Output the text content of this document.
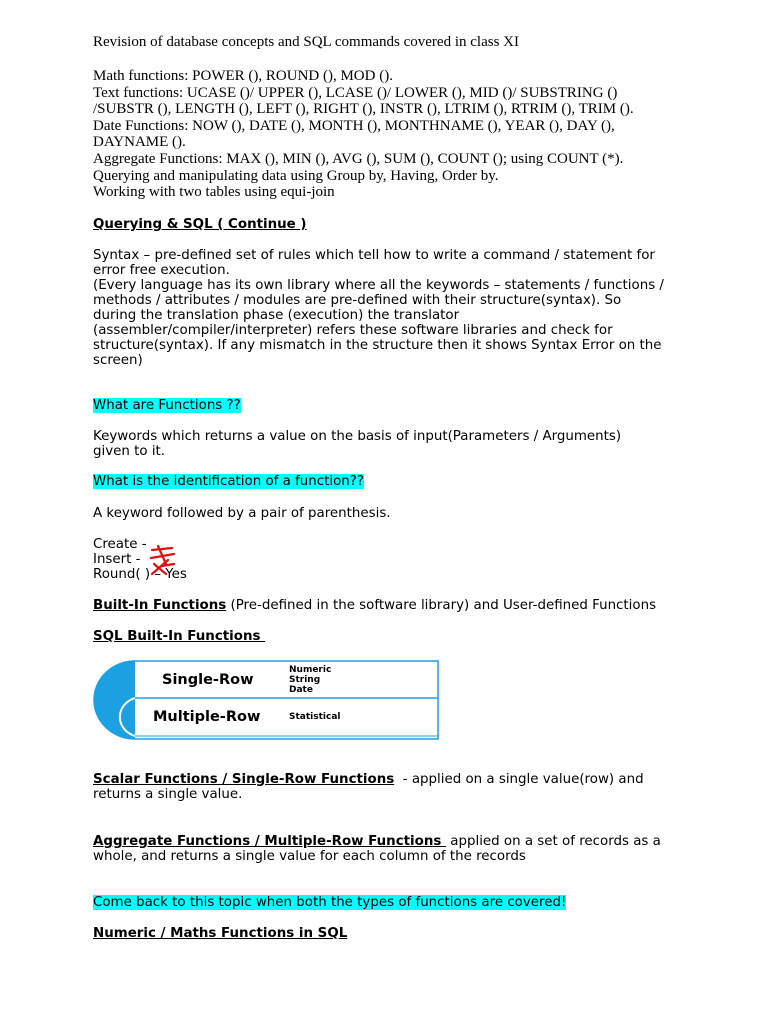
Revision of database concepts and SQL commands covered in class XI

Math functions: POWER (), ROUND (), MOD ().
Text functions: UCASE ()/ UPPER (), LCASE ()/ LOWER (), MID ()/ SUBSTRING ()
/SUBSTR (), LENGTH (), LEFT (), RIGHT (), INSTR (), LTRIM (), RTRIM (), TRIM ().
Date Functions: NOW (), DATE (), MONTH (), MONTHNAME (), YEAR (), DAY (),
DAYNAME ().
Aggregate Functions: MAX (), MIN (), AVG (), SUM (), COUNT (); using COUNT (*).
Querying and manipulating data using Group by, Having, Order by.
Working with two tables using equi-join

Querying & SQL ( Continue )

Syntax – pre-defined set of rules which tell how to write a command / statement for
error free execution.
(Every language has its own library where all the keywords – statements / functions /
methods / attributes / modules are pre-defined with their structure(syntax). So
during the translation phase (execution) the translator
(assembler/compiler/interpreter) refers these software libraries and check for
structure(syntax). If any mismatch in the structure then it shows Syntax Error on the
screen)

What are Functions ??

Keywords which returns a value on the basis of input(Parameters / Arguments)
given to it.

What is the identification of a function??

A keyword followed by a pair of parenthesis.

Create -
Insert -
Round( ) – Yes

Built-In Functions (Pre-defined in the software library) and User-defined Functions

SQL Built-In Functions

Single-Row
Numeric
String
Date
Multiple-Row	Statistical
Scalar Functions / Single-Row Functions  - applied on a single value(row) and
returns a single value.
Aggregate Functions / Multiple-Row Functions  applied on a set of records as a
whole, and returns a single value for each column of the records

Come back to this topic when both the types of functions are covered!

Numeric / Maths Functions in SQL
